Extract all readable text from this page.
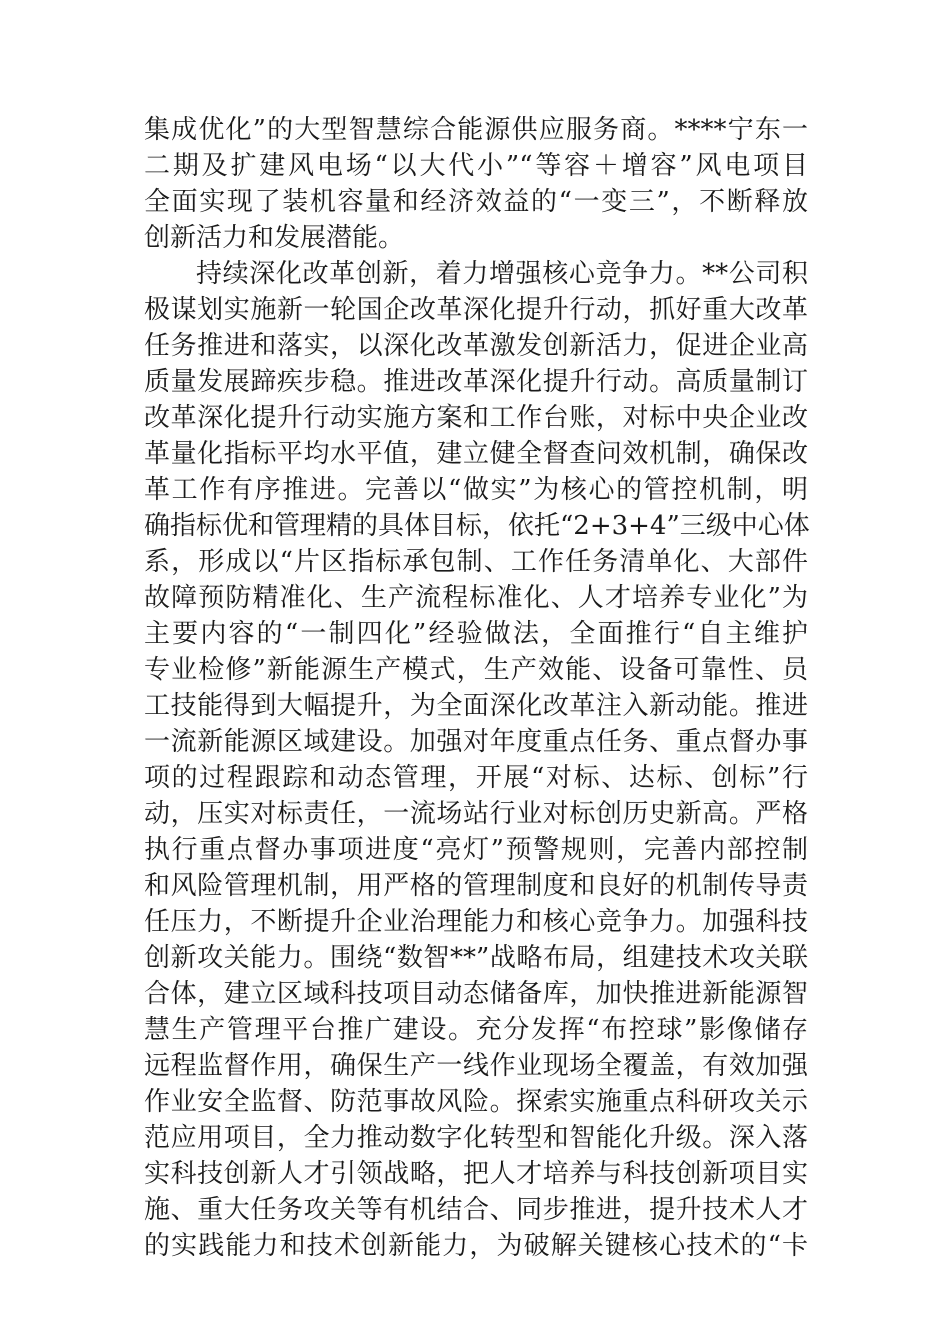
集成优化”的大型智慧综合能源供应服务商。****宁东一
二期及扩建风电场“以大代小”“等容＋增容”风电项目
全面实现了装机容量和经济效益的“一变三”，不断释放
创新活力和发展潜能。
持续深化改革创新，着力增强核心竞争力。**公司积
极谋划实施新一轮国企改革深化提升行动，抓好重大改革
任务推进和落实，以深化改革激发创新活力，促进企业高
质量发展蹄疾步稳。推进改革深化提升行动。高质量制订
改革深化提升行动实施方案和工作台账，对标中央企业改
革量化指标平均水平值，建立健全督查问效机制，确保改
革工作有序推进。完善以“做实”为核心的管控机制，明
确指标优和管理精的具体目标，依托“2+3+4”三级中心体
系，形成以“片区指标承包制、工作任务清单化、大部件
故障预防精准化、生产流程标准化、人才培养专业化”为
主要内容的“一制四化”经验做法，全面推行“自主维护
专业检修”新能源生产模式，生产效能、设备可靠性、员
工技能得到大幅提升，为全面深化改革注入新动能。推进
一流新能源区域建设。加强对年度重点任务、重点督办事
项的过程跟踪和动态管理，开展“对标、达标、创标”行
动，压实对标责任，一流场站行业对标创历史新高。严格
执行重点督办事项进度“亮灯”预警规则，完善内部控制
和风险管理机制，用严格的管理制度和良好的机制传导责
任压力，不断提升企业治理能力和核心竞争力。加强科技
创新攻关能力。围绕“数智**”战略布局，组建技术攻关联
合体，建立区域科技项目动态储备库，加快推进新能源智
慧生产管理平台推广建设。充分发挥“布控球”影像储存
远程监督作用，确保生产一线作业现场全覆盖，有效加强
作业安全监督、防范事故风险。探索实施重点科研攻关示
范应用项目，全力推动数字化转型和智能化升级。深入落
实科技创新人才引领战略，把人才培养与科技创新项目实
施、重大任务攻关等有机结合、同步推进，提升技术人才
的实践能力和技术创新能力，为破解关键核心技术的“卡
